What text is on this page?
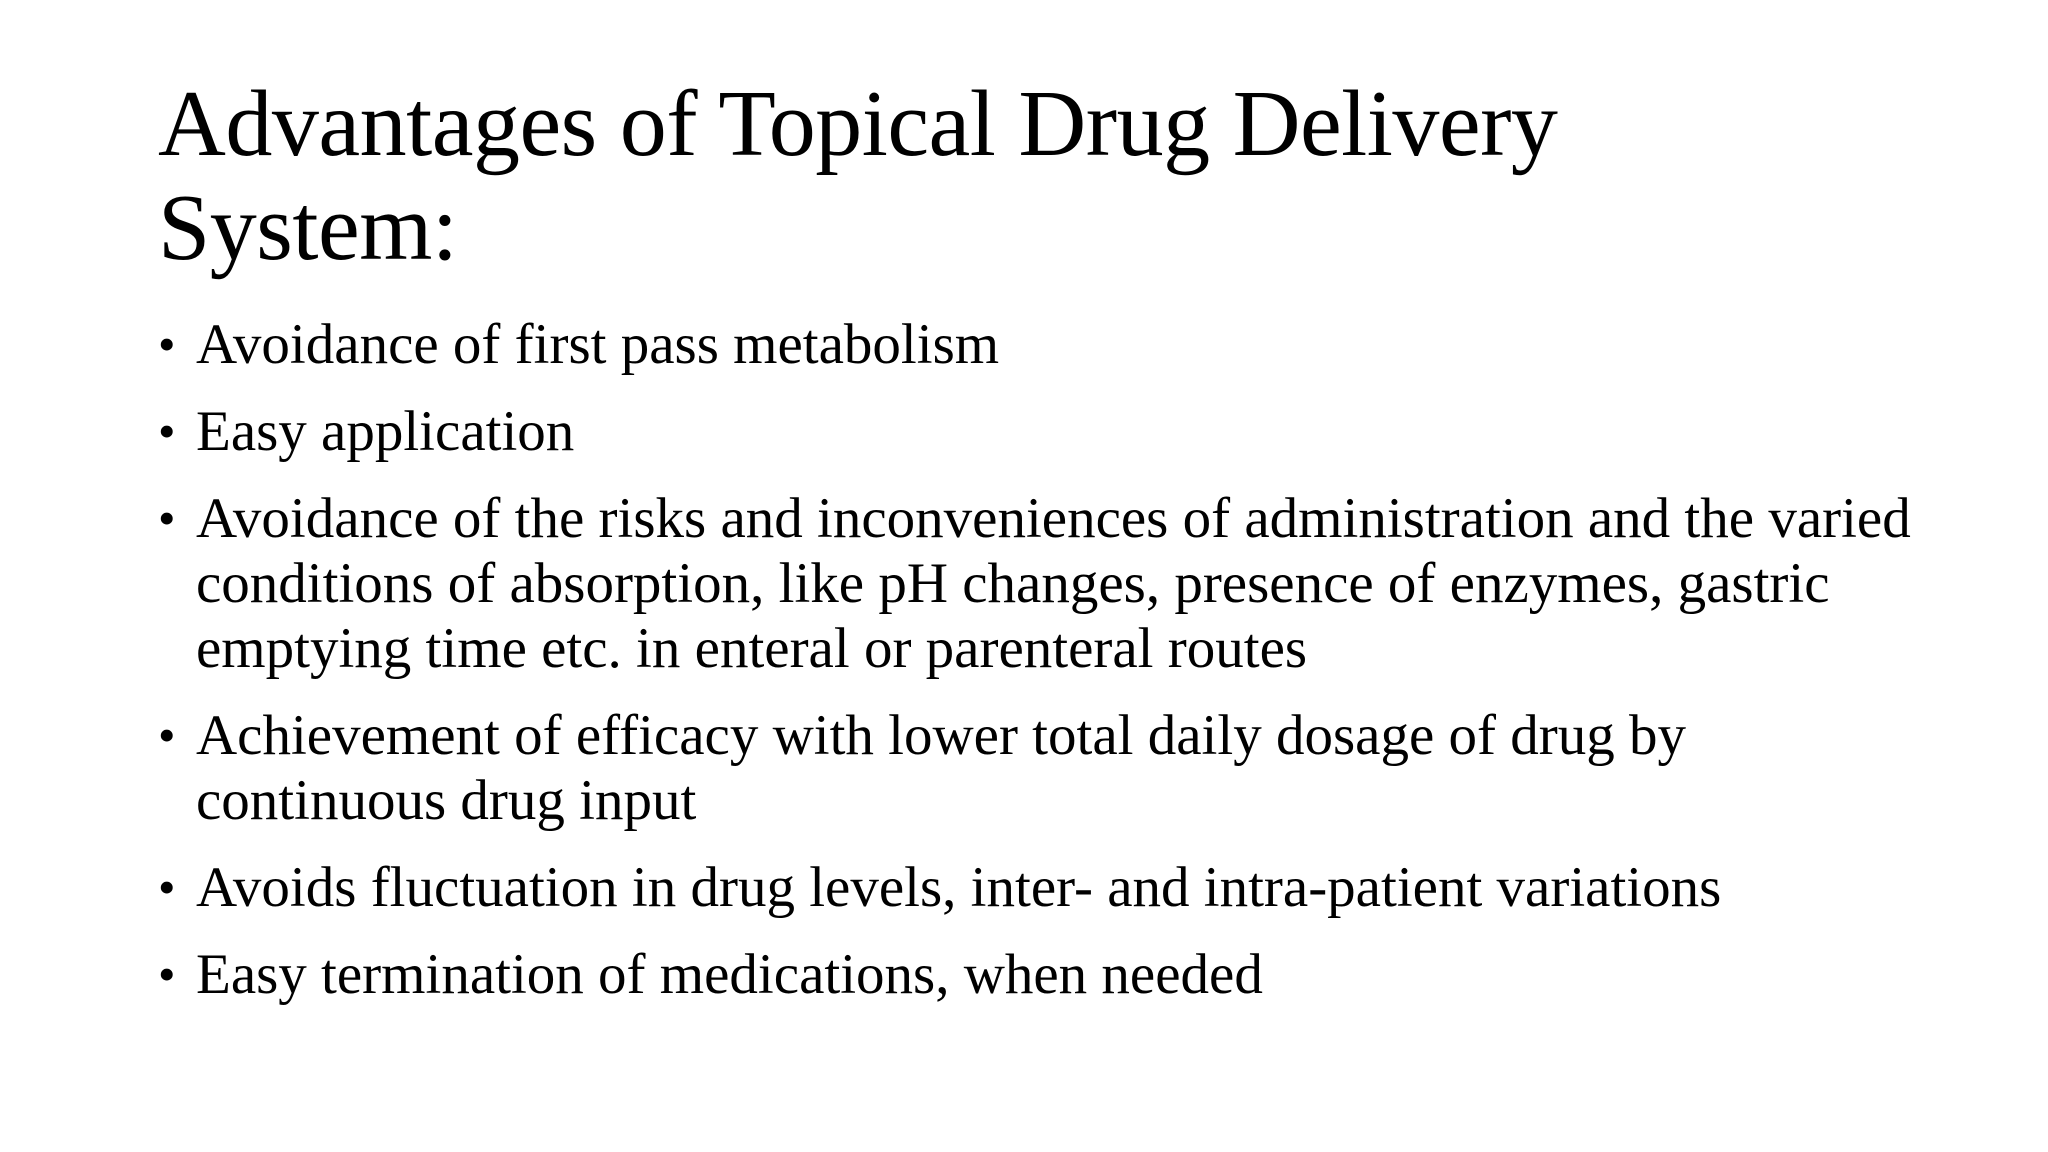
Advantages of Topical Drug Delivery System:
• Avoidance of first pass metabolism
• Easy application
• Avoidance of the risks and inconveniences of administration and the varied conditions of absorption, like pH changes, presence of enzymes, gastric emptying time etc. in enteral or parenteral routes
• Achievement of efficacy with lower total daily dosage of drug by continuous drug input
• Avoids fluctuation in drug levels, inter- and intra-patient variations
• Easy termination of medications, when needed
